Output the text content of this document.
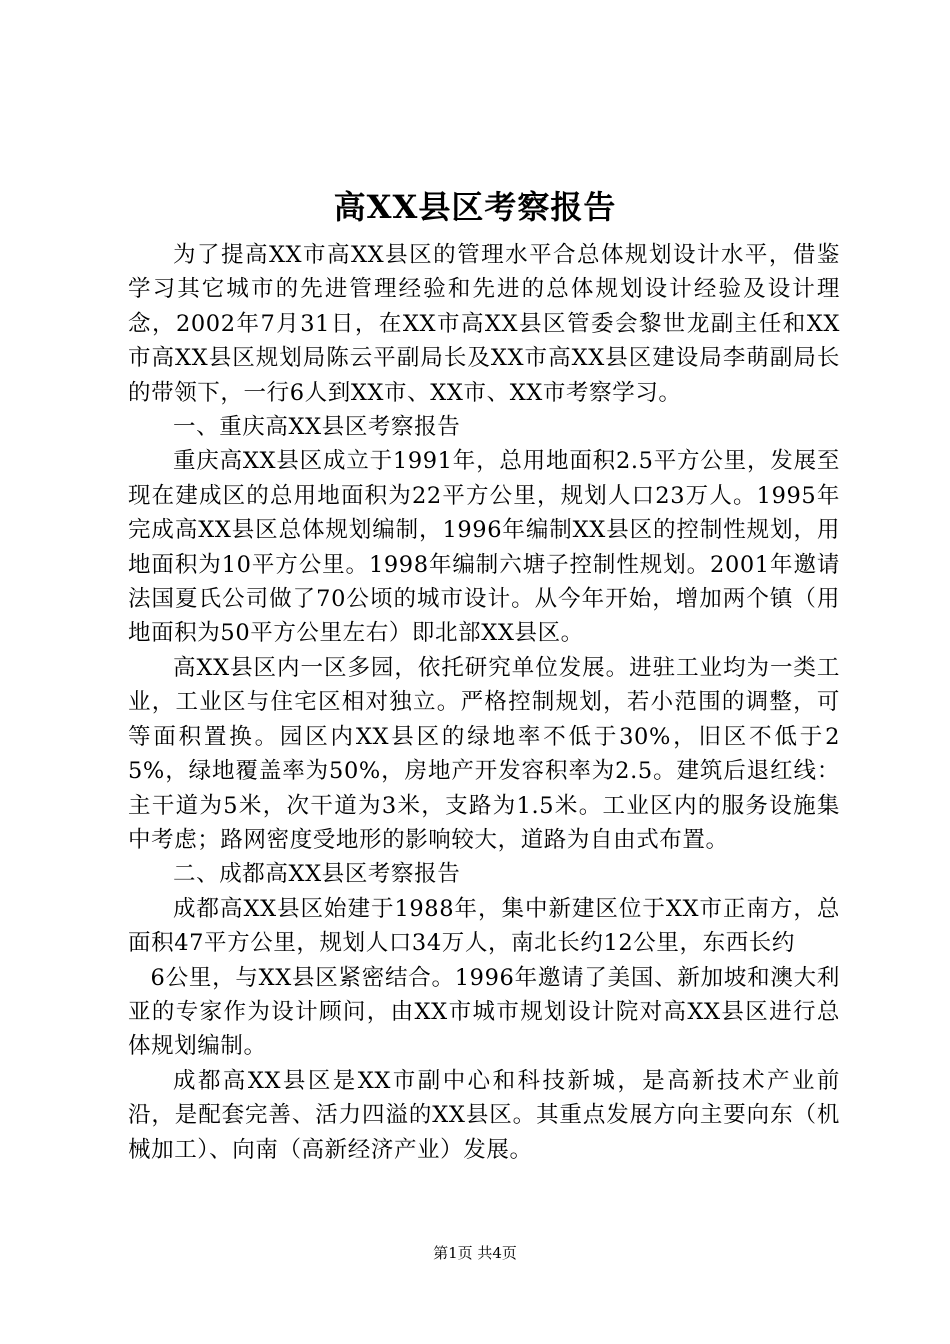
高XX县区考察报告

为了提高XX市高XX县区的管理水平合总体规划设计水平，借鉴学习其它城市的先进管理经验和先进的总体规划设计经验及设计理念，2002年7月31日，在XX市高XX县区管委会黎世龙副主任和XX市高XX县区规划局陈云平副局长及XX市高XX县区建设局李萌副局长的带领下，一行6人到XX市、XX市、XX市考察学习。

一、重庆高XX县区考察报告

重庆高XX县区成立于1991年，总用地面积2.5平方公里，发展至现在建成区的总用地面积为22平方公里，规划人口23万人。1995年完成高XX县区总体规划编制，1996年编制XX县区的控制性规划，用地面积为10平方公里。1998年编制六塘子控制性规划。2001年邀请法国夏氏公司做了70公顷的城市设计。从今年开始，增加两个镇（用地面积为50平方公里左右）即北部XX县区。

高XX县区内一区多园，依托研究单位发展。进驻工业均为一类工业，工业区与住宅区相对独立。严格控制规划，若小范围的调整，可等面积置换。园区内XX县区的绿地率不低于30%，旧区不低于25%，绿地覆盖率为50%，房地产开发容积率为2.5。建筑后退红线：主干道为5米，次干道为3米，支路为1.5米。工业区内的服务设施集中考虑；路网密度受地形的影响较大，道路为自由式布置。

二、成都高XX县区考察报告

成都高XX县区始建于1988年，集中新建区位于XX市正南方，总面积47平方公里，规划人口34万人，南北长约12公里，东西长约

6公里，与XX县区紧密结合。1996年邀请了美国、新加坡和澳大利亚的专家作为设计顾问，由XX市城市规划设计院对高XX县区进行总体规划编制。

成都高XX县区是XX市副中心和科技新城，是高新技术产业前沿，是配套完善、活力四溢的XX县区。其重点发展方向主要向东（机械加工）、向南（高新经济产业）发展。

第1页 共4页
